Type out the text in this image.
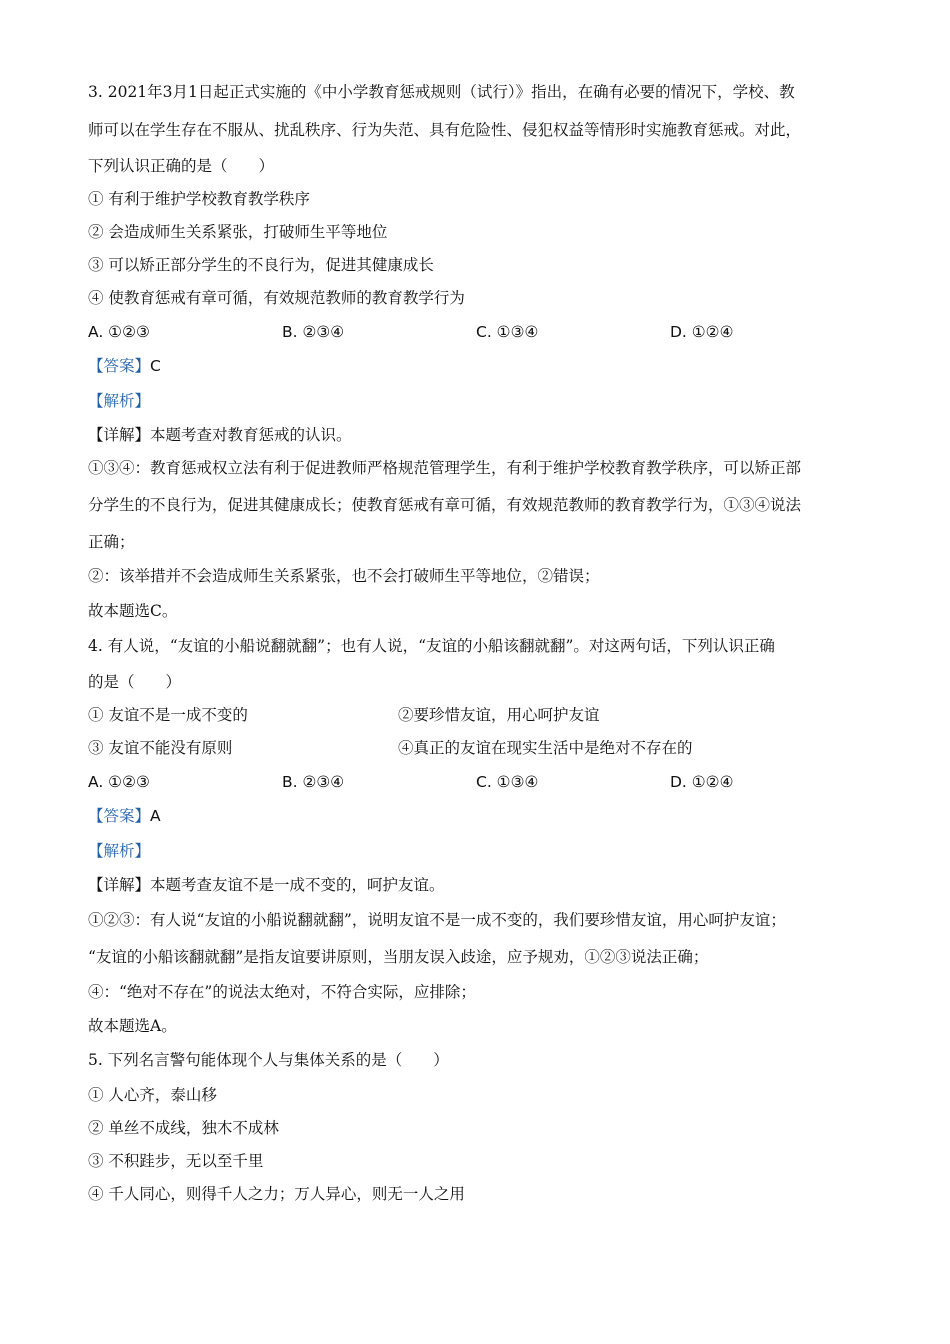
3. 2021年3月1日起正式实施的《中小学教育惩戒规则（试行）》指出，在确有必要的情况下，学校、教
师可以在学生存在不服从、扰乱秩序、行为失范、具有危险性、侵犯权益等情形时实施教育惩戒。对此，
下列认识正确的是（　　）
① 有利于维护学校教育教学秩序
② 会造成师生关系紧张，打破师生平等地位
③ 可以矫正部分学生的不良行为，促进其健康成长
④ 使教育惩戒有章可循，有效规范教师的教育教学行为
A. ①②③	B. ②③④	C. ①③④	D. ①②④
【答案】C
【解析】
【详解】本题考查对教育惩戒的认识。
①③④：教育惩戒权立法有利于促进教师严格规范管理学生，有利于维护学校教育教学秩序，可以矫正部
分学生的不良行为，促进其健康成长；使教育惩戒有章可循，有效规范教师的教育教学行为，①③④说法
正确；
②：该举措并不会造成师生关系紧张，也不会打破师生平等地位，②错误；
故本题选C。
4. 有人说，“友谊的小船说翻就翻”；也有人说，“友谊的小船该翻就翻”。对这两句话，下列认识正确
的是（　　）
① 友谊不是一成不变的	②要珍惜友谊，用心呵护友谊
③ 友谊不能没有原则	④真正的友谊在现实生活中是绝对不存在的
A. ①②③	B. ②③④	C. ①③④	D. ①②④
【答案】A
【解析】
【详解】本题考查友谊不是一成不变的，呵护友谊。
①②③：有人说“友谊的小船说翻就翻”，说明友谊不是一成不变的，我们要珍惜友谊，用心呵护友谊；
“友谊的小船该翻就翻”是指友谊要讲原则，当朋友误入歧途，应予规劝，①②③说法正确；
④：“绝对不存在”的说法太绝对，不符合实际，应排除；
故本题选A。
5. 下列名言警句能体现个人与集体关系的是（　　）
① 人心齐，泰山移
② 单丝不成线，独木不成林
③ 不积跬步，无以至千里
④ 千人同心，则得千人之力；万人异心，则无一人之用
